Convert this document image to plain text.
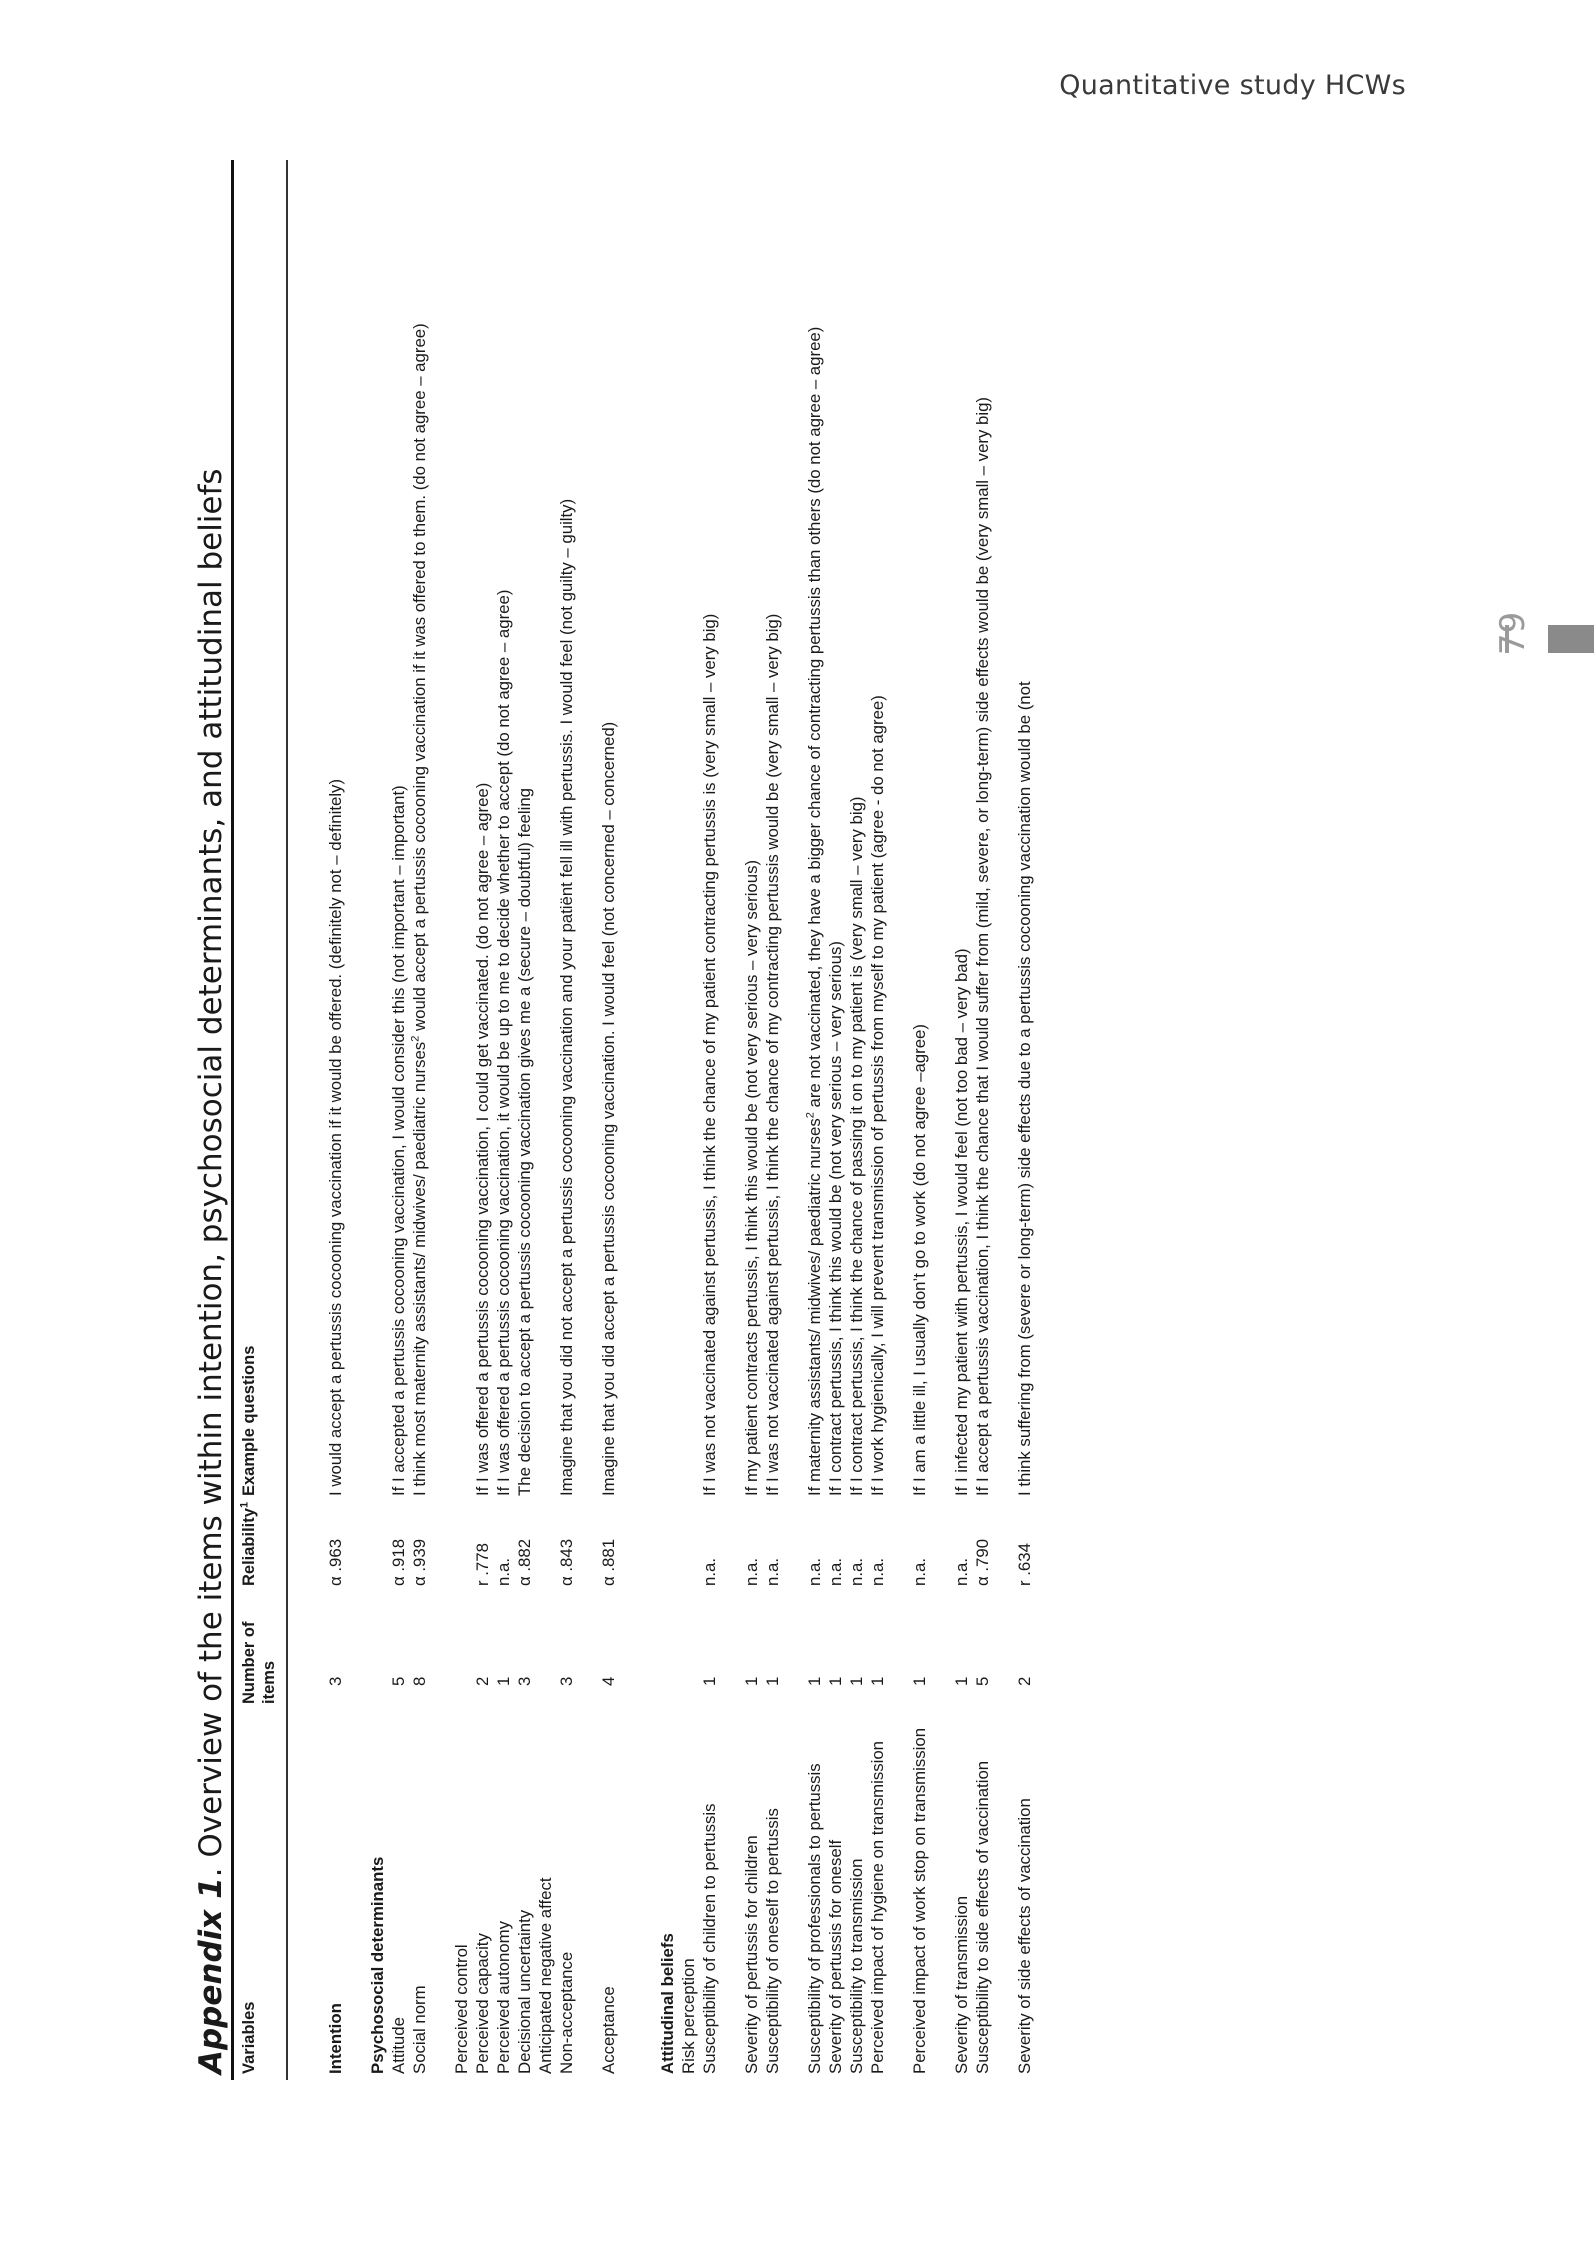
Quantitative study HCWs
79
Appendix 1. Overview of the items within intention, psychosocial determinants, and attitudinal beliefs
Variables	Number of items	Reliability$^1$	Example questions

Intention	3	α .963	I would accept a pertussis cocooning vaccination if it would be offered. (definitely not – definitely)

Psychosocial determinants			
Attitude	5	α .918	If I accepted a pertussis cocooning vaccination, I would consider this (not important – important)
Social norm	8	α .939	I think most maternity assistants/ midwives/ paediatric nurses$^2$ would accept a pertussis cocooning vaccination if it was offered to them. (do not agree – agree)

Perceived control			
Perceived capacity	2	r .778	If I was offered a pertussis cocooning vaccination, I could get vaccinated. (do not agree – agree)
Perceived autonomy	1	n.a.	If I was offered a pertussis cocooning vaccination, it would be up to me to decide whether to accept (do not agree – agree)
Decisional uncertainty	3	α .882	The decision to accept a pertussis cocooning vaccination gives me a (secure – doubtful) feeling
Anticipated negative affect			
Non-acceptance	3	α .843	Imagine that you did not accept a pertussis cocooning vaccination and your patiënt fell ill with pertussis. I would feel (not guilty – guilty)

Acceptance	4	α .881	Imagine that you did accept a pertussis cocooning vaccination. I would feel (not concerned – concerned)

Attitudinal beliefs			
Risk perception			
Susceptibility of children to pertussis	1	n.a.	If I was not vaccinated against pertussis, I think the chance of my patient contracting pertussis is (very small – very big)

Severity of pertussis for children	1	n.a.	If my patient contracts pertussis, I think this would be (not very serious – very serious)
Susceptibility of oneself to pertussis	1	n.a.	If I was not vaccinated against pertussis, I think the chance of my contracting pertussis would be (very small – very big)

Susceptibility of professionals to pertussis	1	n.a.	If maternity assistants/ midwives/ paediatric nurses$^2$ are not vaccinated, they have a bigger chance of contracting pertussis than others (do not agree – agree)
Severity of pertussis for oneself	1	n.a.	If I contract pertussis, I think this would be (not very serious – very serious)
Susceptibility to transmission	1	n.a.	If I contract pertussis, I think the chance of passing it on to my patient is (very small – very big)
Perceived impact of hygiene on transmission	1	n.a.	If I work hygienically, I will prevent transmission of pertussis from myself to my patient (agree - do not agree)

Perceived impact of work stop on transmission	1	n.a.	If I am a little ill, I usually don’t go to work (do not agree –agree)

Severity of transmission	1	n.a.	If I infected my patient with pertussis, I would feel (not too bad – very bad)
Susceptibility to side effects of vaccination	5	α .790	If I accept a pertussis vaccination, I think the chance that I would suffer from (mild, severe, or long-term) side effects would be (very small – very big)

Severity of side effects of vaccination	2	r .634	I think suffering from (severe or long-term) side effects due to a pertussis cocooning vaccination would be (not
